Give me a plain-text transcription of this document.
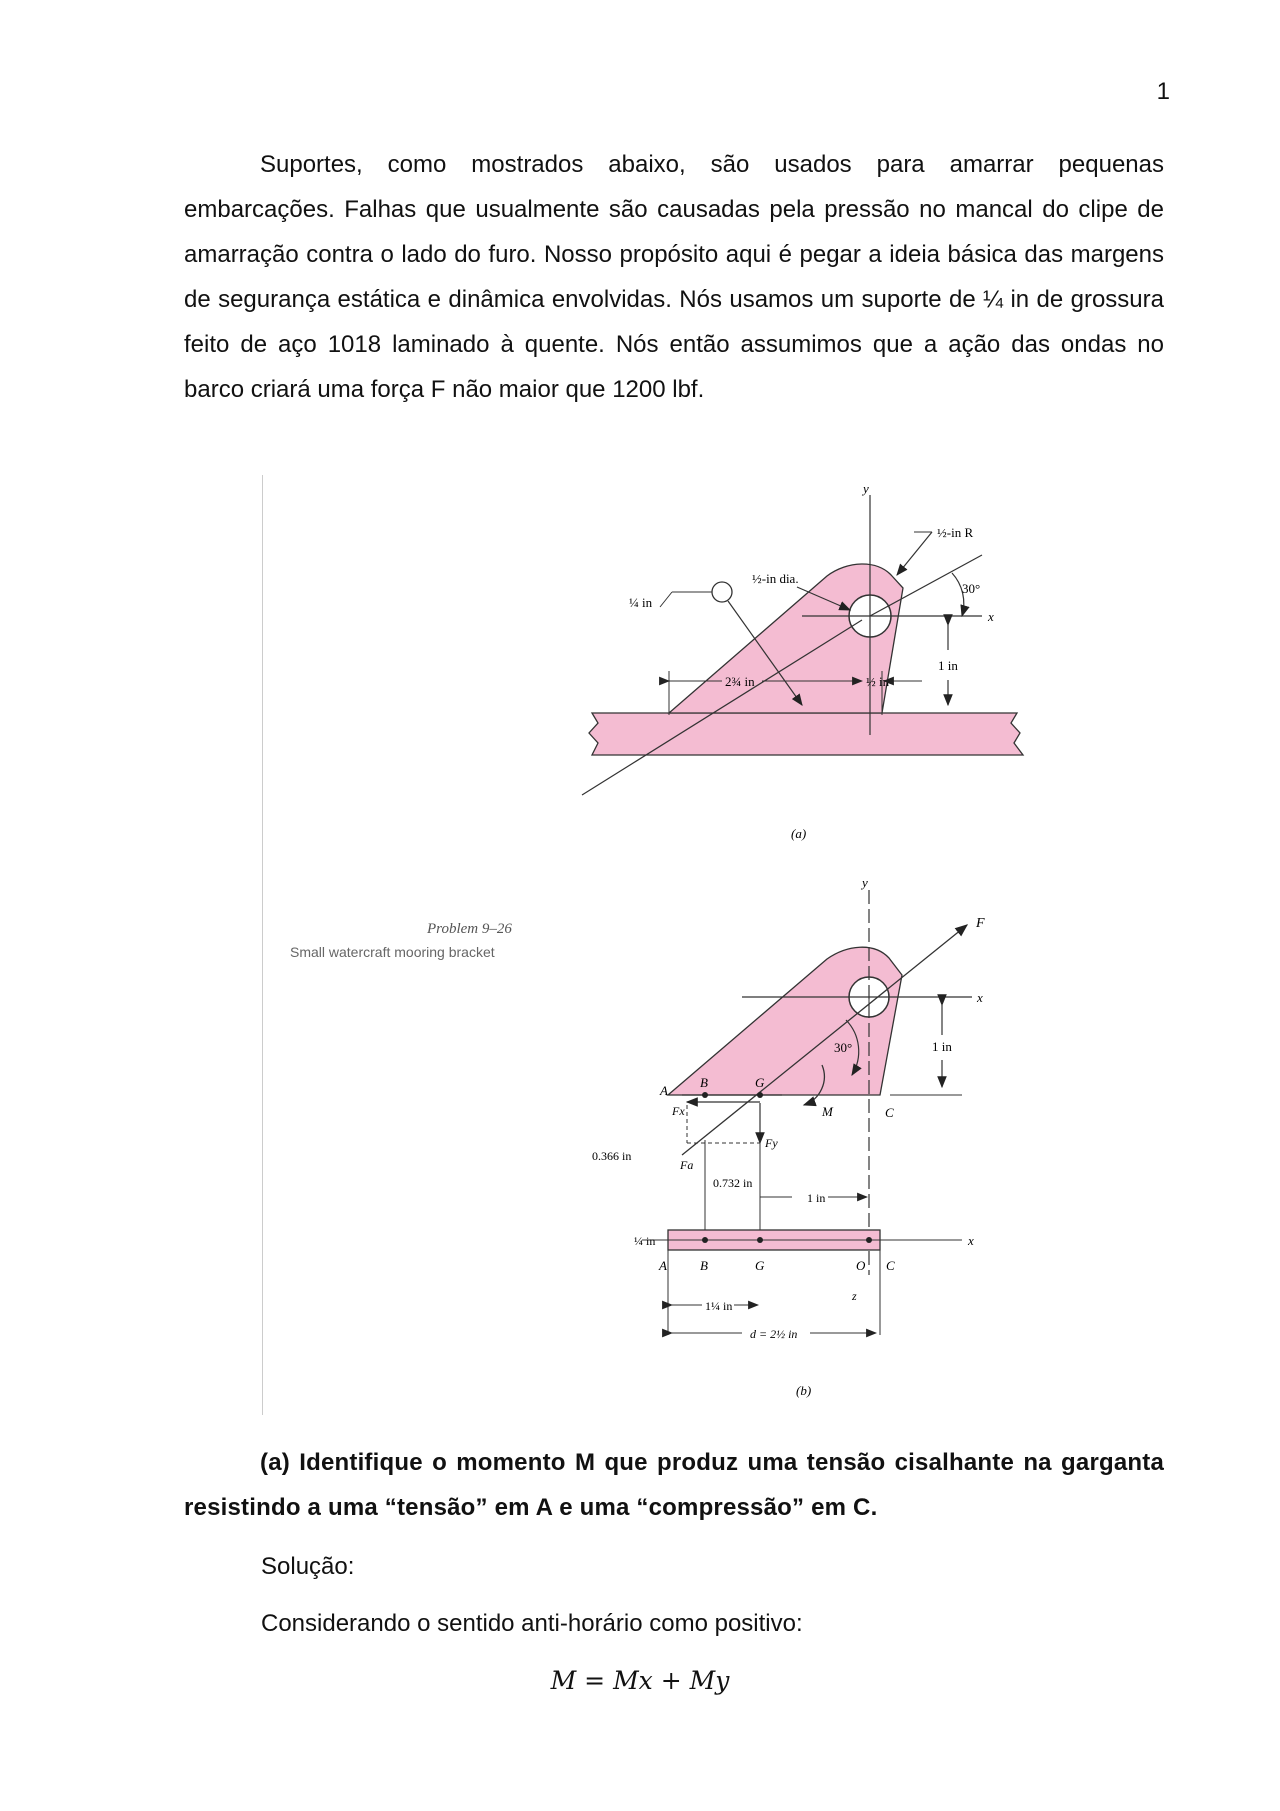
1

Suportes, como mostrados abaixo, são usados para amarrar pequenas embarcações. Falhas que usualmente são causadas pela pressão no mancal do clipe de amarração contra o lado do furo. Nosso propósito aqui é pegar a ideia básica das margens de segurança estática e dinâmica envolvidas. Nós usamos um suporte de ¼ in de grossura feito de aço 1018 laminado à quente. Nós então assumimos que a ação das ondas no barco criará uma força F não maior que 1200 lbf.

y
x
30°
½-in R
½-in dia.
¼ in
1 in
2¾ in	½ in
(a)
Problem 9–26
Small watercraft mooring bracket
y
x
F
30°
M
1 in
A
B	G
C
Fx
Fy
Fa
0.366 in
0.732 in
1 in
x
¼ in
A	B	G	O C
z
1¼ in
d = 2½ in
(b)

(a) Identifique o momento M que produz uma tensão cisalhante na garganta resistindo a uma “tensão” em A e uma “compressão” em C.

Solução:
Considerando o sentido anti-horário como positivo:
M = Mx + My
